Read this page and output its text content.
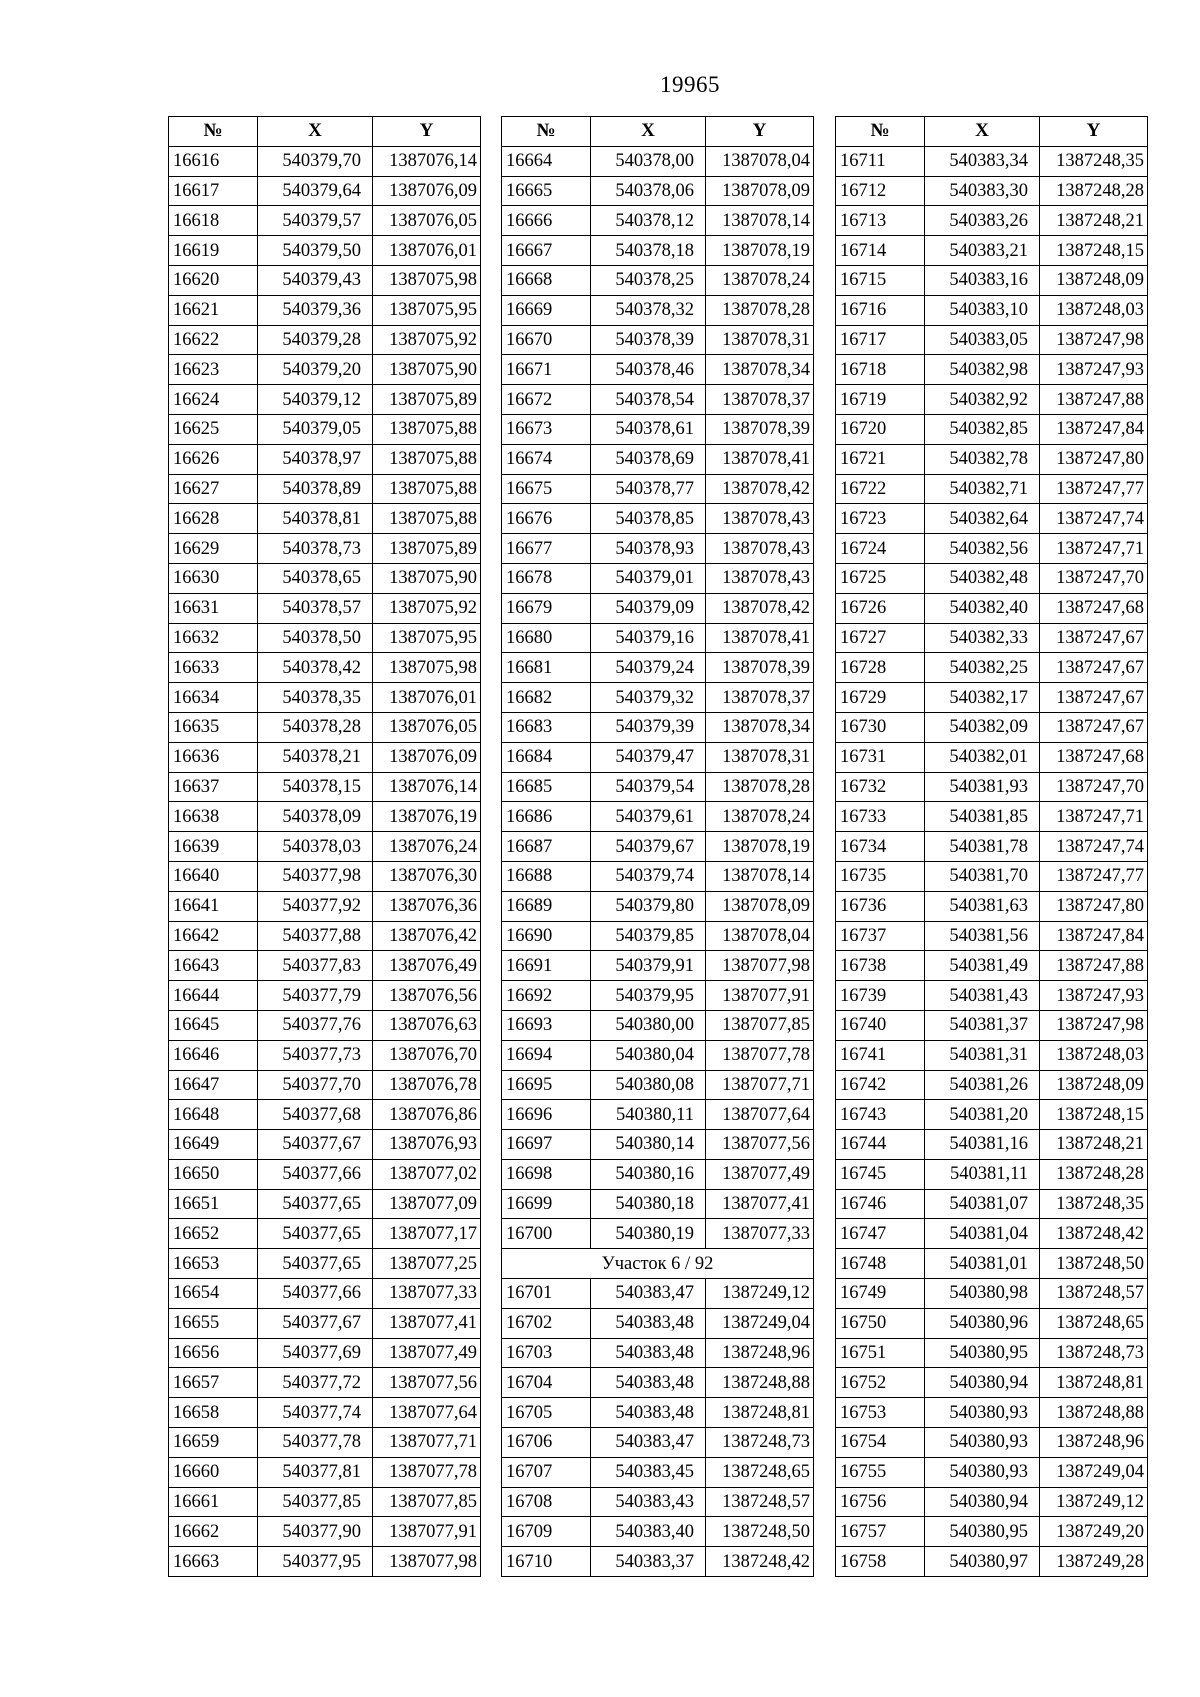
19965
№	X	Y
16616	540379,70	1387076,14
16617	540379,64	1387076,09
16618	540379,57	1387076,05
16619	540379,50	1387076,01
16620	540379,43	1387075,98
16621	540379,36	1387075,95
16622	540379,28	1387075,92
16623	540379,20	1387075,90
16624	540379,12	1387075,89
16625	540379,05	1387075,88
16626	540378,97	1387075,88
16627	540378,89	1387075,88
16628	540378,81	1387075,88
16629	540378,73	1387075,89
16630	540378,65	1387075,90
16631	540378,57	1387075,92
16632	540378,50	1387075,95
16633	540378,42	1387075,98
16634	540378,35	1387076,01
16635	540378,28	1387076,05
16636	540378,21	1387076,09
16637	540378,15	1387076,14
16638	540378,09	1387076,19
16639	540378,03	1387076,24
16640	540377,98	1387076,30
16641	540377,92	1387076,36
16642	540377,88	1387076,42
16643	540377,83	1387076,49
16644	540377,79	1387076,56
16645	540377,76	1387076,63
16646	540377,73	1387076,70
16647	540377,70	1387076,78
16648	540377,68	1387076,86
16649	540377,67	1387076,93
16650	540377,66	1387077,02
16651	540377,65	1387077,09
16652	540377,65	1387077,17
16653	540377,65	1387077,25
16654	540377,66	1387077,33
16655	540377,67	1387077,41
16656	540377,69	1387077,49
16657	540377,72	1387077,56
16658	540377,74	1387077,64
16659	540377,78	1387077,71
16660	540377,81	1387077,78
16661	540377,85	1387077,85
16662	540377,90	1387077,91
16663	540377,95	1387077,98
№	X	Y
16664	540378,00	1387078,04
16665	540378,06	1387078,09
16666	540378,12	1387078,14
16667	540378,18	1387078,19
16668	540378,25	1387078,24
16669	540378,32	1387078,28
16670	540378,39	1387078,31
16671	540378,46	1387078,34
16672	540378,54	1387078,37
16673	540378,61	1387078,39
16674	540378,69	1387078,41
16675	540378,77	1387078,42
16676	540378,85	1387078,43
16677	540378,93	1387078,43
16678	540379,01	1387078,43
16679	540379,09	1387078,42
16680	540379,16	1387078,41
16681	540379,24	1387078,39
16682	540379,32	1387078,37
16683	540379,39	1387078,34
16684	540379,47	1387078,31
16685	540379,54	1387078,28
16686	540379,61	1387078,24
16687	540379,67	1387078,19
16688	540379,74	1387078,14
16689	540379,80	1387078,09
16690	540379,85	1387078,04
16691	540379,91	1387077,98
16692	540379,95	1387077,91
16693	540380,00	1387077,85
16694	540380,04	1387077,78
16695	540380,08	1387077,71
16696	540380,11	1387077,64
16697	540380,14	1387077,56
16698	540380,16	1387077,49
16699	540380,18	1387077,41
16700	540380,19	1387077,33
Участок 6 / 92		
16701	540383,47	1387249,12
16702	540383,48	1387249,04
16703	540383,48	1387248,96
16704	540383,48	1387248,88
16705	540383,48	1387248,81
16706	540383,47	1387248,73
16707	540383,45	1387248,65
16708	540383,43	1387248,57
16709	540383,40	1387248,50
16710	540383,37	1387248,42
№	X	Y
16711	540383,34	1387248,35
16712	540383,30	1387248,28
16713	540383,26	1387248,21
16714	540383,21	1387248,15
16715	540383,16	1387248,09
16716	540383,10	1387248,03
16717	540383,05	1387247,98
16718	540382,98	1387247,93
16719	540382,92	1387247,88
16720	540382,85	1387247,84
16721	540382,78	1387247,80
16722	540382,71	1387247,77
16723	540382,64	1387247,74
16724	540382,56	1387247,71
16725	540382,48	1387247,70
16726	540382,40	1387247,68
16727	540382,33	1387247,67
16728	540382,25	1387247,67
16729	540382,17	1387247,67
16730	540382,09	1387247,67
16731	540382,01	1387247,68
16732	540381,93	1387247,70
16733	540381,85	1387247,71
16734	540381,78	1387247,74
16735	540381,70	1387247,77
16736	540381,63	1387247,80
16737	540381,56	1387247,84
16738	540381,49	1387247,88
16739	540381,43	1387247,93
16740	540381,37	1387247,98
16741	540381,31	1387248,03
16742	540381,26	1387248,09
16743	540381,20	1387248,15
16744	540381,16	1387248,21
16745	540381,11	1387248,28
16746	540381,07	1387248,35
16747	540381,04	1387248,42
16748	540381,01	1387248,50
16749	540380,98	1387248,57
16750	540380,96	1387248,65
16751	540380,95	1387248,73
16752	540380,94	1387248,81
16753	540380,93	1387248,88
16754	540380,93	1387248,96
16755	540380,93	1387249,04
16756	540380,94	1387249,12
16757	540380,95	1387249,20
16758	540380,97	1387249,28
